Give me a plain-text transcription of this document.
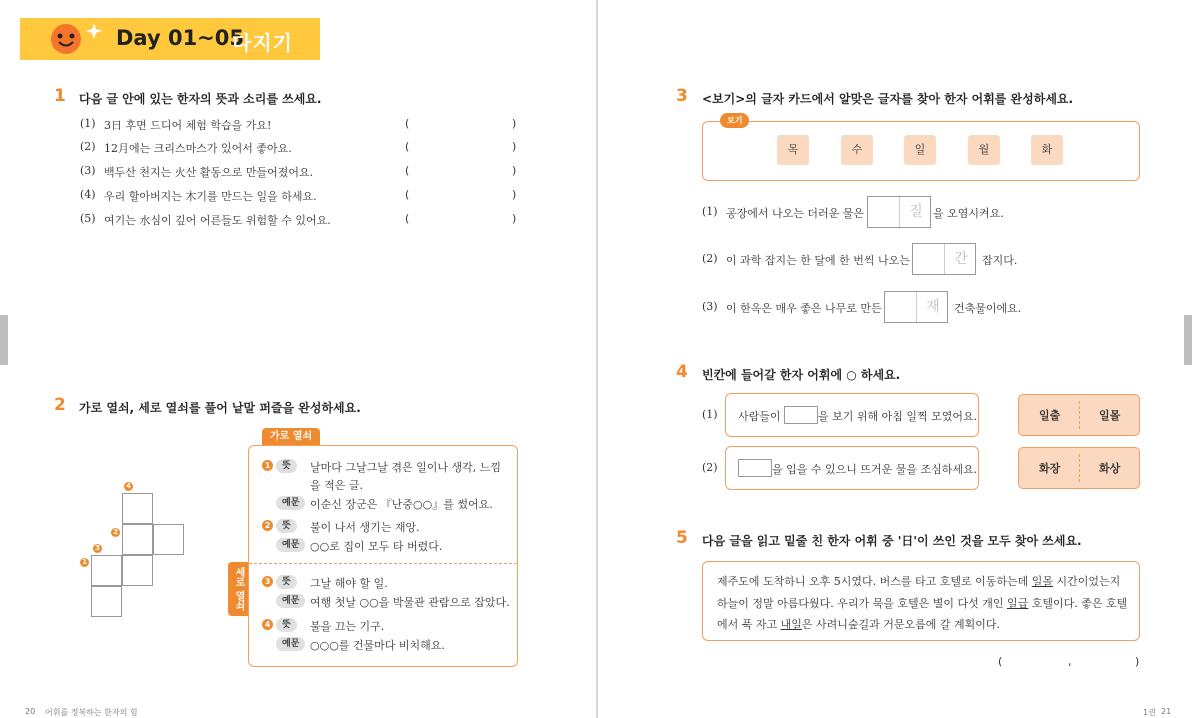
Day 01~05
다지기
1 다음 글 안에 있는 한자의 뜻과 소리를 쓰세요.
(1) 3日 후면 드디어 체험 학습을 가요!	(	)
(2) 12月에는 크리스마스가 있어서 좋아요.	(	)
(3) 백두산 천지는 火산 활동으로 만들어졌어요.	(	)
(4) 우리 할아버지는 木기를 만드는 일을 하세요.	(	)
(5) 여기는 水심이 깊어 어른들도 위험할 수 있어요.	(	)
2 가로 열쇠, 세로 열쇠를 풀어 낱말 퍼즐을 완성하세요.
4
2
3
1
가로 열쇠
세로 열쇠
1	뜻	날마다 그날그날 겪은 일이나 생각, 느낌
을 적은 글.
예문 이순신 장군은 『난중○○』를 썼어요.
2	뜻	불이 나서 생기는 재앙.
예문 ○○로 집이 모두 타 버렸다.
3	뜻	그날 해야 할 일.
예문 여행 첫날 ○○을 박물관 관람으로 잡았다.
4	뜻	불을 끄는 기구.
예문 ○○○를 건물마다 비치해요.
20 어휘를 정복하는 한자의 힘
3 <보기>의 글자 카드에서 알맞은 글자를 찾아 한자 어휘를 완성하세요.
보기
목	수	일	월	화
(1) 공장에서 나오는 더러운 물은	질 을 오염시켜요.
(2) 이 과학 잡지는 한 달에 한 번씩 나오는	간	잡지다.
(3) 이 한옥은 매우 좋은 나무로 만든	재	건축물이에요.
4 빈칸에 들어갈 한자 어휘에 ○ 하세요.
(1) 사람들이	을 보기 위해 아침 일찍 모였어요.	일출	일몰
(2)	을 입을 수 있으니 뜨거운 물을 조심하세요.	화장	화상
5 다음 글을 읽고 밑줄 친 한자 어휘 중 '日'이 쓰인 것을 모두 찾아 쓰세요.
제주도에 도착하니 오후 5시였다. 버스를 타고 호텔로 이동하는데 일몰 시간이었는지
하늘이 정말 아름다웠다. 우리가 묵을 호텔은 별이 다섯 개인 일급 호텔이다. 좋은 호텔
에서 푹 자고 내일은 사려니숲길과 거문오름에 갈 계획이다.
(	,	)
1권 21
